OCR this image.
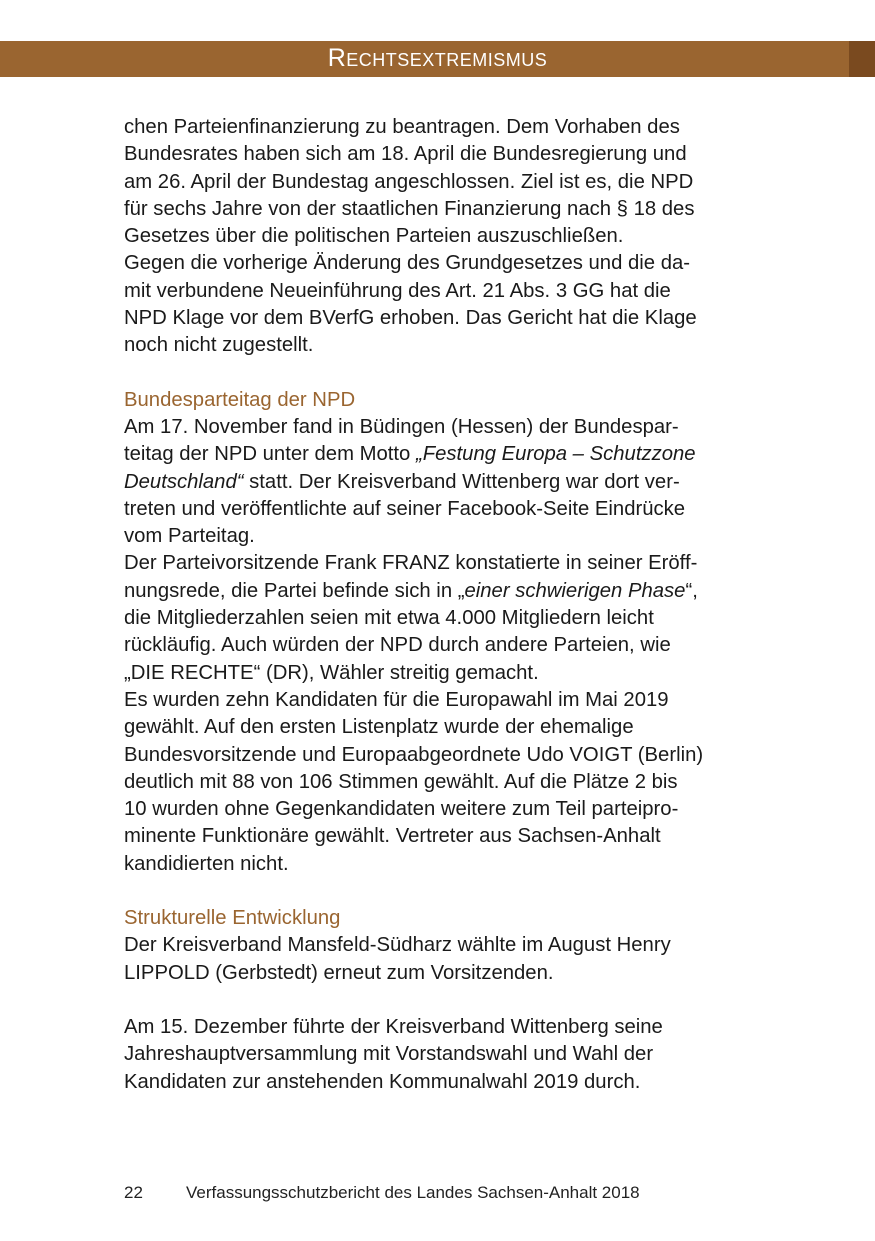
Rechtsextremismus

chen Parteienfinanzierung zu beantragen. Dem Vorhaben des
Bundesrates haben sich am 18. April die Bundesregierung und
am 26. April der Bundestag angeschlossen. Ziel ist es, die NPD
für sechs Jahre von der staatlichen Finanzierung nach § 18 des
Gesetzes über die politischen Parteien auszuschließen.

Gegen die vorherige Änderung des Grundgesetzes und die da-
mit verbundene Neueinführung des Art. 21 Abs. 3 GG hat die
NPD Klage vor dem BVerfG erhoben. Das Gericht hat die Klage
noch nicht zugestellt.

Bundesparteitag der NPD

Am 17. November fand in Büdingen (Hessen) der Bundespar-
teitag der NPD unter dem Motto „Festung Europa – Schutzzone
Deutschland“ statt. Der Kreisverband Wittenberg war dort ver-
treten und veröffentlichte auf seiner Facebook-Seite Eindrücke
vom Parteitag.

Der Parteivorsitzende Frank FRANZ konstatierte in seiner Eröff-
nungsrede, die Partei befinde sich in „einer schwierigen Phase“,
die Mitgliederzahlen seien mit etwa 4.000 Mitgliedern leicht
rückläufig. Auch würden der NPD durch andere Parteien, wie
„DIE RECHTE“ (DR), Wähler streitig gemacht.

Es wurden zehn Kandidaten für die Europawahl im Mai 2019
gewählt. Auf den ersten Listenplatz wurde der ehemalige
Bundesvorsitzende und Europaabgeordnete Udo VOIGT (Berlin)
deutlich mit 88 von 106 Stimmen gewählt. Auf die Plätze 2 bis
10 wurden ohne Gegenkandidaten weitere zum Teil parteipro-
minente Funktionäre gewählt. Vertreter aus Sachsen-Anhalt
kandidierten nicht.

Strukturelle Entwicklung

Der Kreisverband Mansfeld-Südharz wählte im August Henry
LIPPOLD (Gerbstedt) erneut zum Vorsitzenden.

Am 15. Dezember führte der Kreisverband Wittenberg seine
Jahreshauptversammlung mit Vorstandswahl und Wahl der
Kandidaten zur anstehenden Kommunalwahl 2019 durch.

22	Verfassungsschutzbericht des Landes Sachsen-Anhalt 2018
